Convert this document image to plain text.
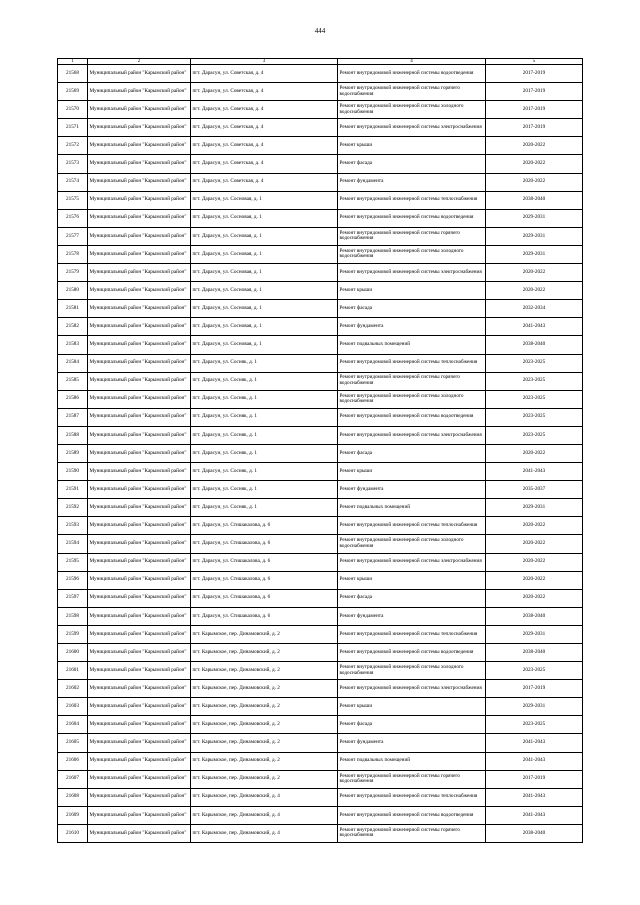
444
1	2	3	4	5
21568	Муниципальный район "Карымский район"	пгт. Дарасун, ул. Советская, д. 4	Ремонт внутридомовой инженерной системы водоотведения	2017-2019
21569	Муниципальный район "Карымский район"	пгт. Дарасун, ул. Советская, д. 4	Ремонт внутридомовой инженерной системы горячего водоснабжения	2017-2019
21570	Муниципальный район "Карымский район"	пгт. Дарасун, ул. Советская, д. 4	Ремонт внутридомовой инженерной системы холодного водоснабжения	2017-2019
21571	Муниципальный район "Карымский район"	пгт. Дарасун, ул. Советская, д. 4	Ремонт внутридомовой инженерной системы электроснабжения	2017-2019
21572	Муниципальный район "Карымский район"	пгт. Дарасун, ул. Советская, д. 4	Ремонт крыши	2020-2022
21573	Муниципальный район "Карымский район"	пгт. Дарасун, ул. Советская, д. 4	Ремонт фасада	2020-2022
21574	Муниципальный район "Карымский район"	пгт. Дарасун, ул. Советская, д. 4	Ремонт фундамента	2020-2022
21575	Муниципальный район "Карымский район"	пгт. Дарасун, ул. Сосновая, д. 1	Ремонт внутридомовой инженерной системы теплоснабжения	2038-2040
21576	Муниципальный район "Карымский район"	пгт. Дарасун, ул. Сосновая, д. 1	Ремонт внутридомовой инженерной системы водоотведения	2029-2031
21577	Муниципальный район "Карымский район"	пгт. Дарасун, ул. Сосновая, д. 1	Ремонт внутридомовой инженерной системы горячего водоснабжения	2029-2031
21578	Муниципальный район "Карымский район"	пгт. Дарасун, ул. Сосновая, д. 1	Ремонт внутридомовой инженерной системы холодного водоснабжения	2029-2031
21579	Муниципальный район "Карымский район"	пгт. Дарасун, ул. Сосновая, д. 1	Ремонт внутридомовой инженерной системы электроснабжения	2020-2022
21580	Муниципальный район "Карымский район"	пгт. Дарасун, ул. Сосновая, д. 1	Ремонт крыши	2020-2022
21581	Муниципальный район "Карымский район"	пгт. Дарасун, ул. Сосновая, д. 1	Ремонт фасада	2032-2034
21582	Муниципальный район "Карымский район"	пгт. Дарасун, ул. Сосновая, д. 1	Ремонт фундамента	2041-2043
21583	Муниципальный район "Карымский район"	пгт. Дарасун, ул. Сосновая, д. 1	Ремонт подвальных помещений	2038-2040
21584	Муниципальный район "Карымский район"	пгт. Дарасун, ул. Сосняк, д. 1	Ремонт внутридомовой инженерной системы теплоснабжения	2023-2025
21585	Муниципальный район "Карымский район"	пгт. Дарасун, ул. Сосняк, д. 1	Ремонт внутридомовой инженерной системы горячего водоснабжения	2023-2025
21586	Муниципальный район "Карымский район"	пгт. Дарасун, ул. Сосняк, д. 1	Ремонт внутридомовой инженерной системы холодного водоснабжения	2023-2025
21587	Муниципальный район "Карымский район"	пгт. Дарасун, ул. Сосняк, д. 1	Ремонт внутридомовой инженерной системы водоотведения	2023-2025
21588	Муниципальный район "Карымский район"	пгт. Дарасун, ул. Сосняк, д. 1	Ремонт внутридомовой инженерной системы электроснабжения	2023-2025
21589	Муниципальный район "Карымский район"	пгт. Дарасун, ул. Сосняк, д. 1	Ремонт фасада	2020-2022
21590	Муниципальный район "Карымский район"	пгт. Дарасун, ул. Сосняк, д. 1	Ремонт крыши	2041-2043
21591	Муниципальный район "Карымский район"	пгт. Дарасун, ул. Сосняк, д. 1	Ремонт фундамента	2035-2037
21592	Муниципальный район "Карымский район"	пгт. Дарасун, ул. Сосняк, д. 1	Ремонт подвальных помещений	2029-2031
21593	Муниципальный район "Карымский район"	пгт. Дарасун, ул. Стишакалова, д. 6	Ремонт внутридомовой инженерной системы теплоснабжения	2020-2022
21594	Муниципальный район "Карымский район"	пгт. Дарасун, ул. Стишакалова, д. 6	Ремонт внутридомовой инженерной системы холодного водоснабжения	2020-2022
21595	Муниципальный район "Карымский район"	пгт. Дарасун, ул. Стишакалова, д. 6	Ремонт внутридомовой инженерной системы электроснабжения	2020-2022
21596	Муниципальный район "Карымский район"	пгт. Дарасун, ул. Стишакалова, д. 6	Ремонт крыши	2020-2022
21597	Муниципальный район "Карымский район"	пгт. Дарасун, ул. Стишакалова, д. 6	Ремонт фасада	2020-2022
21598	Муниципальный район "Карымский район"	пгт. Дарасун, ул. Стишакалова, д. 6	Ремонт фундамента	2038-2040
21599	Муниципальный район "Карымский район"	пгт. Карымское, пер. Динамовский, д. 2	Ремонт внутридомовой инженерной системы теплоснабжения	2029-2031
21600	Муниципальный район "Карымский район"	пгт. Карымское, пер. Динамовский, д. 2	Ремонт внутридомовой инженерной системы водоотведения	2038-2040
21601	Муниципальный район "Карымский район"	пгт. Карымское, пер. Динамовский, д. 2	Ремонт внутридомовой инженерной системы холодного водоснабжения	2023-2025
21602	Муниципальный район "Карымский район"	пгт. Карымское, пер. Динамовский, д. 2	Ремонт внутридомовой инженерной системы электроснабжения	2017-2019
21603	Муниципальный район "Карымский район"	пгт. Карымское, пер. Динамовский, д. 2	Ремонт крыши	2029-2031
21604	Муниципальный район "Карымский район"	пгт. Карымское, пер. Динамовский, д. 2	Ремонт фасада	2023-2025
21605	Муниципальный район "Карымский район"	пгт. Карымское, пер. Динамовский, д. 2	Ремонт фундамента	2041-2043
21606	Муниципальный район "Карымский район"	пгт. Карымское, пер. Динамовский, д. 2	Ремонт подвальных помещений	2041-2043
21607	Муниципальный район "Карымский район"	пгт. Карымское, пер. Динамовский, д. 2	Ремонт внутридомовой инженерной системы горячего водоснабжения	2017-2019
21608	Муниципальный район "Карымский район"	пгт. Карымское, пер. Динамовский, д. 4	Ремонт внутридомовой инженерной системы теплоснабжения	2041-2043
21609	Муниципальный район "Карымский район"	пгт. Карымское, пер. Динамовский, д. 4	Ремонт внутридомовой инженерной системы водоотведения	2041-2043
21610	Муниципальный район "Карымский район"	пгт. Карымское, пер. Динамовский, д. 4	Ремонт внутридомовой инженерной системы горячего водоснабжения	2038-2040
